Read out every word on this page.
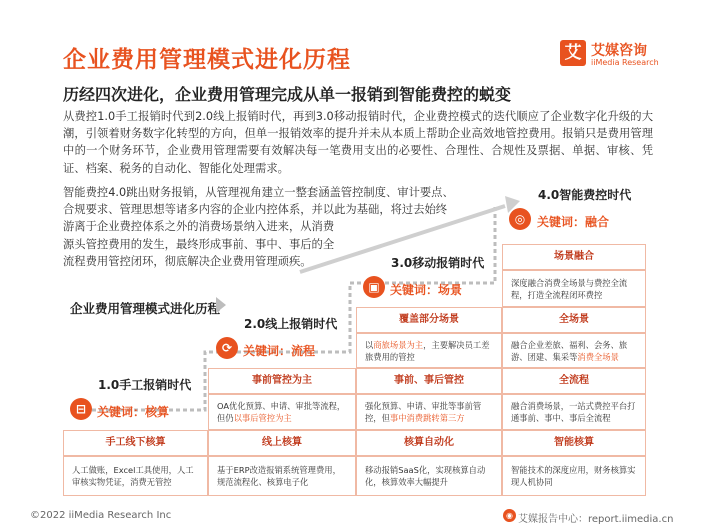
企业费用管理模式进化历程	艾 艾媒咨询
iiMedia Research
历经四次进化，企业费用管理完成从单一报销到智能费控的蜕变
从费控1.0手工报销时代到2.0线上报销时代，再到3.0移动报销时代，企业费控模式的迭代顺应了企业数字化升级的大潮，引领着财务数字化转型的方向，但单一报销效率的提升并未从本质上帮助企业高效地管控费用。报销只是费用管理中的一个财务环节，企业费用管理需要有效解决每一笔费用支出的必要性、合理性、合规性及票据、单据、审核、凭证、档案、税务的自动化、智能化处理需求。
智能费控4.0跳出财务报销，从管理视角建立一整套涵盖管控制度、审计要点、
合规要求、管理思想等诸多内容的企业内控体系，并以此为基础，将过去始终
游离于企业费控体系之外的消费场景纳入进来，从消费
源头管控费用的发生，最终形成事前、事中、事后的全
流程费用管控闭环，彻底解决企业费用管理顽疾。
企业费用管理模式进化历程
1.0手工报销时代
⊟ 关键词：核算
2.0线上报销时代
⟳ 关键词：流程
3.0移动报销时代
▣ 关键词：场景
4.0智能费控时代
◎ 关键词：融合
手工线下核算
人工做账，Excel工具使用，人工审核实物凭证，消费无管控
事前管控为主
OA优化预算、申请、审批等流程，但仍以事后管控为主
线上核算
基于ERP改造报销系统管理费用，规范流程化、核算电子化
覆盖部分场景
以商旅场景为主，主要解决员工差旅费用的管控
事前、事后管控
强化预算、申请、审批等事前管控，但事中消费跳转第三方
核算自动化
移动报销SaaS化，实现核算自动化，核算效率大幅提升
场景融合
深度融合消费全场景与费控全流程，打造全流程闭环费控
全场景
融合企业差旅、福利、会务、旅游、团建、集采等消费全场景
全流程
融合消费场景，一站式费控平台打通事前、事中、事后全流程
智能核算
智能技术的深度应用，财务核算实现人机协同
©2022 iiMedia Research Inc	◉ 艾媒报告中心：report.iimedia.cn
